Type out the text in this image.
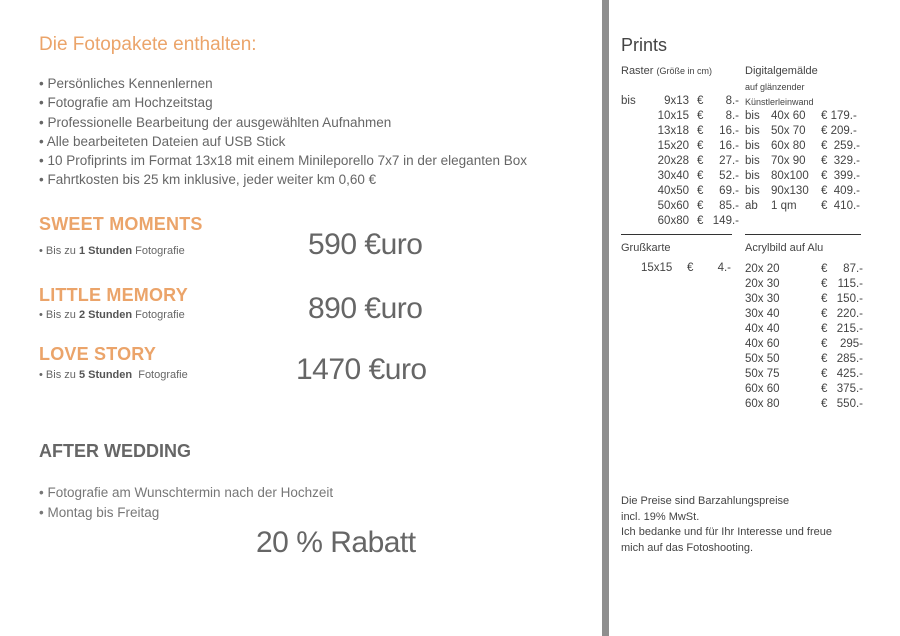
Die Fotopakete enthalten:
• Persönliches Kennenlernen
• Fotografie am Hochzeitstag
• Professionelle Bearbeitung der ausgewählten Aufnahmen
• Alle bearbeiteten Dateien auf USB Stick
• 10 Profiprints im Format 13x18 mit einem Minileporello 7x7 in der eleganten Box
• Fahrtkosten bis 25 km inklusive, jeder weiter km 0,60 €
SWEET MOMENTS
• Bis zu 1 Stunden Fotografie	590 €uro
LITTLE MEMORY
• Bis zu 2 Stunden Fotografie	890 €uro
LOVE STORY
• Bis zu 5 Stunden  Fotografie	1470 €uro
AFTER WEDDING
• Fotografie am Wunschtermin nach der Hochzeit
• Montag bis Freitag
20 % Rabatt
Prints
Raster (Größe in cm)
bis	9x13	€	8.-
	10x15	€	8.-
	13x18	€	16.-
	15x20	€	16.-
	20x28	€	27.-
	30x40	€	52.-
	40x50	€	69.-
	50x60	€	85.-
	60x80	€	149.-
Digitalgemälde
auf glänzender
Künstlerleinwand
bis	40x 60	€ 179.-
bis	50x 70	€ 209.-
bis	60x 80	€  259.-
bis	70x 90	€  329.-
bis	80x100	€  399.-
bis	90x130	€  409.-
ab	1 qm	€  410.-
Grußkarte
15x15	€	4.-
Acrylbild auf Alu
20x 20	€	87.-
20x 30	€	115.-
30x 30	€	150.-
30x 40	€	220.-
40x 40	€	215.-
40x 60	€	295-
50x 50	€	285.-
50x 75	€	425.-
60x 60	€	375.-
60x 80	€	550.-
Die Preise sind Barzahlungspreise
incl. 19% MwSt.
Ich bedanke und für Ihr Interesse und freue
mich auf das Fotoshooting.
